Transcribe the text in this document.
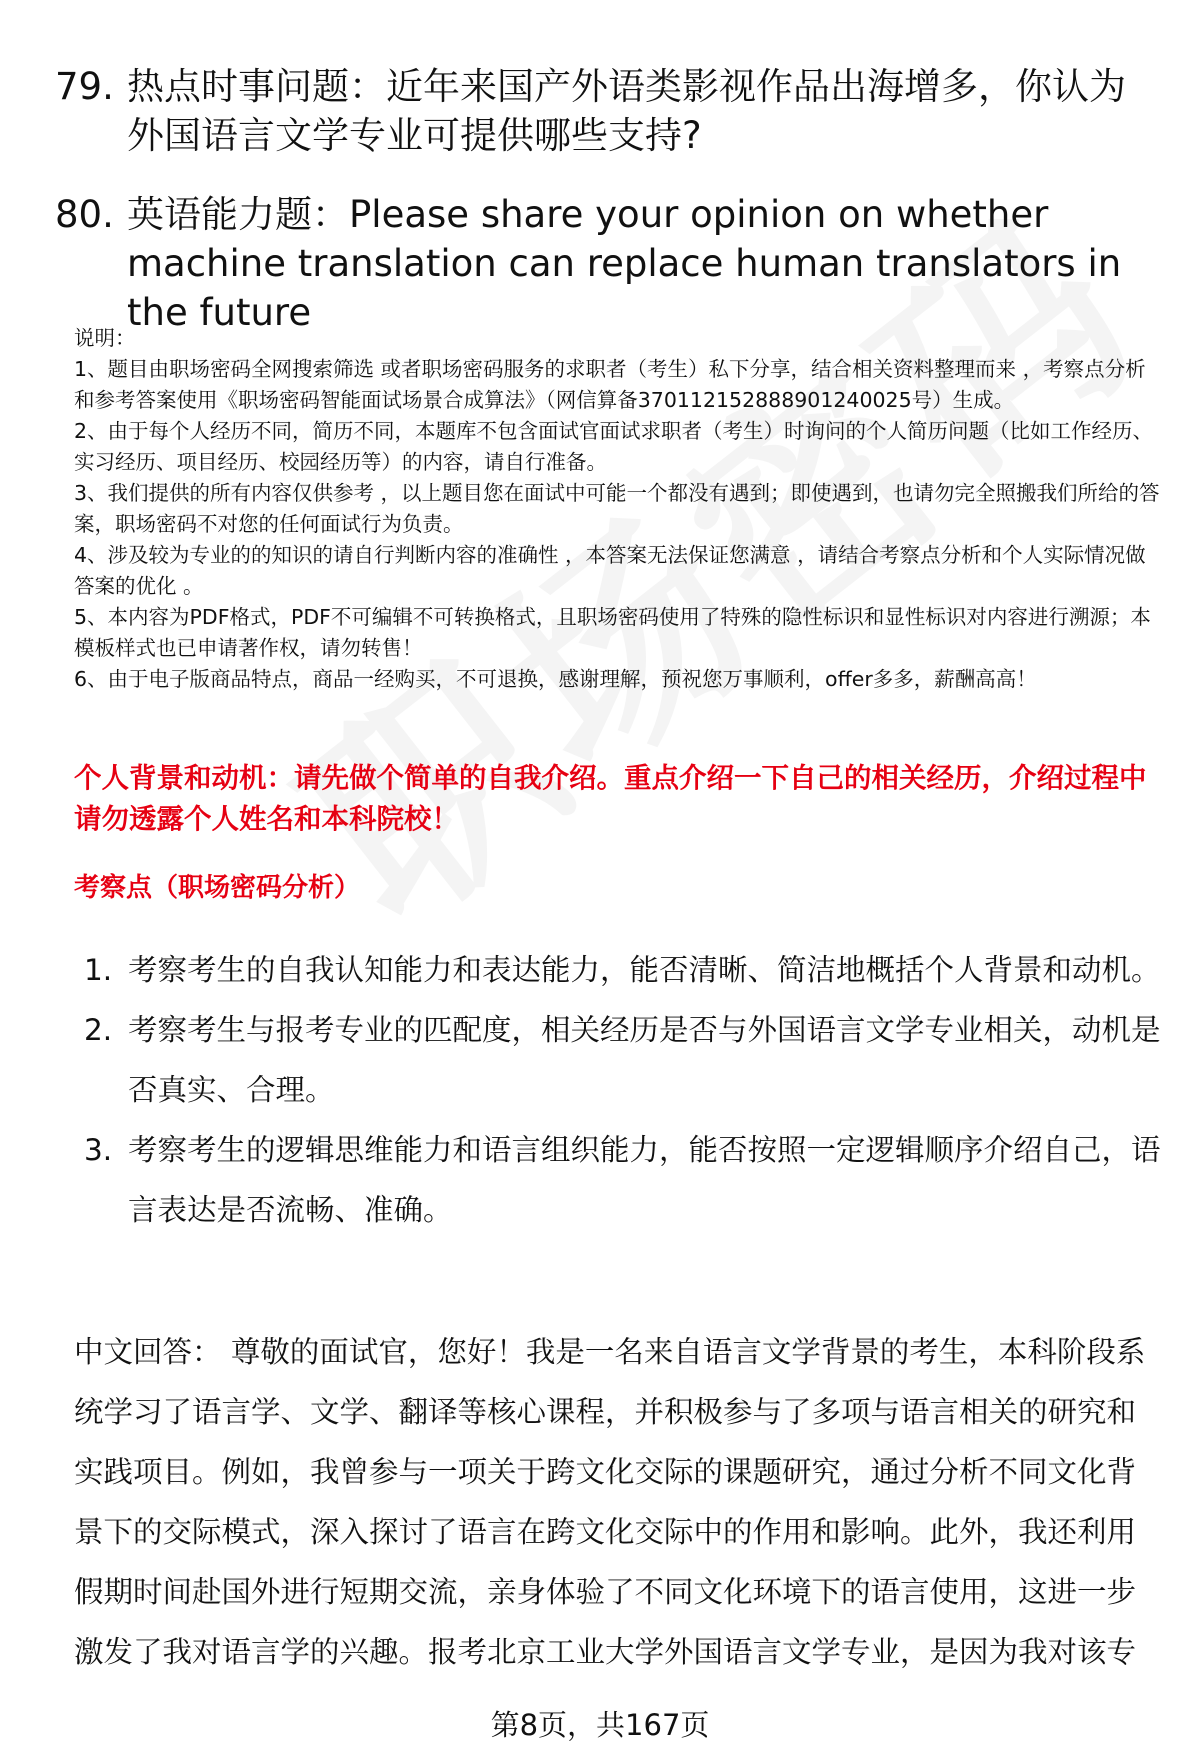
79. 热点时事问题：近年来国产外语类影视作品出海增多，你认为外国语言文学专业可提供哪些支持?
80. 英语能力题：Please share your opinion on whether machine translation can replace human translators in the future

说明：

1、题目由职场密码全网搜索筛选 或者职场密码服务的求职者（考生）私下分享，结合相关资料整理而来 ，考察点分析和参考答案使用《职场密码智能面试场景合成算法》（网信算备370112152888901240025号）生成。

2、由于每个人经历不同，简历不同，本题库不包含面试官面试求职者（考生）时询问的个人简历问题（比如工作经历、实习经历、项目经历、校园经历等）的内容，请自行准备。

3、我们提供的所有内容仅供参考 ，以上题目您在面试中可能一个都没有遇到；即使遇到，也请勿完全照搬我们所给的答案，职场密码不对您的任何面试行为负责。

4、涉及较为专业的的知识的请自行判断内容的准确性 ，本答案无法保证您满意 ，请结合考察点分析和个人实际情况做答案的优化 。

5、本内容为PDF格式，PDF不可编辑不可转换格式，且职场密码使用了特殊的隐性标识和显性标识对内容进行溯源；本模板样式也已申请著作权，请勿转售！

6、由于电子版商品特点，商品一经购买，不可退换，感谢理解，预祝您万事顺利，offer多多，薪酬高高！

个人背景和动机：请先做个简单的自我介绍。重点介绍一下自己的相关经历，介绍过程中请勿透露个人姓名和本科院校！
考察点（职场密码分析）
1. 考察考生的自我认知能力和表达能力，能否清晰、简洁地概括个人背景和动机。
2. 考察考生与报考专业的匹配度，相关经历是否与外国语言文学专业相关，动机是否真实、合理。
3. 考察考生的逻辑思维能力和语言组织能力，能否按照一定逻辑顺序介绍自己，语言表达是否流畅、准确。
中文回答： 尊敬的面试官，您好！我是一名来自语言文学背景的考生，本科阶段系统学习了语言学、文学、翻译等核心课程，并积极参与了多项与语言相关的研究和实践项目。例如，我曾参与一项关于跨文化交际的课题研究，通过分析不同文化背景下的交际模式，深入探讨了语言在跨文化交际中的作用和影响。此外，我还利用假期时间赴国外进行短期交流，亲身体验了不同文化环境下的语言使用，这进一步激发了我对语言学的兴趣。报考北京工业大学外国语言文学专业，是因为我对该专
第8页，共167页
